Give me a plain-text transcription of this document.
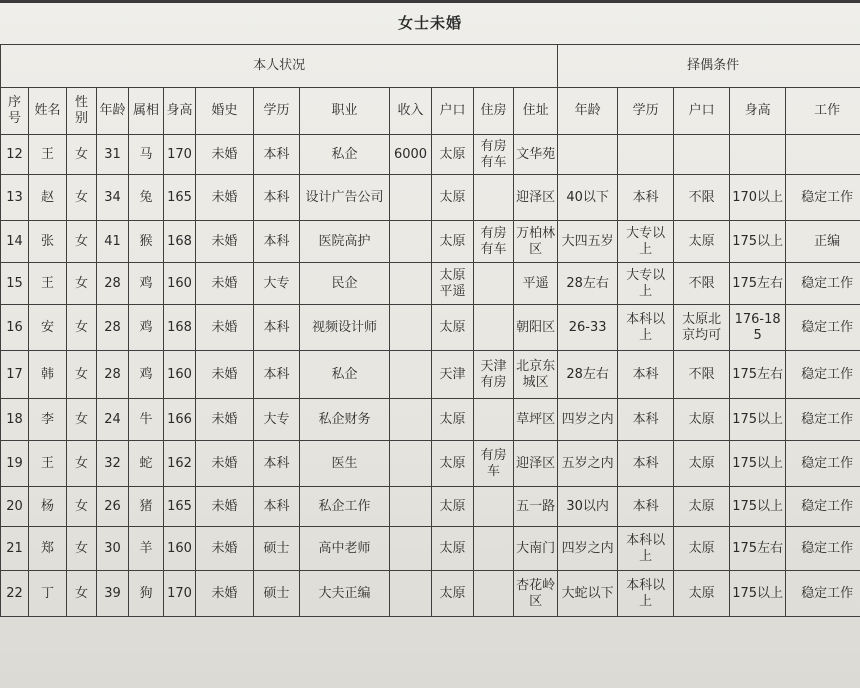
女士未婚
本人状况													择偶条件				
序号	姓名	性别	年龄	属相	身高	婚史	学历	职业	收入	户口	住房	住址	年龄	学历	户口	身高	工作
12	王	女	31	马	170	未婚	本科	私企	6000	太原	有房有车	文华苑					
13	赵	女	34	兔	165	未婚	本科	设计广告公司		太原		迎泽区	40以下	本科	不限	170以上	稳定工作
14	张	女	41	猴	168	未婚	本科	医院高护		太原	有房有车	万柏林区	大四五岁	大专以上	太原	175以上	正编
15	王	女	28	鸡	160	未婚	大专	民企		太原平遥		平遥	28左右	大专以上	不限	175左右	稳定工作
16	安	女	28	鸡	168	未婚	本科	视频设计师		太原		朝阳区	26-33	本科以上	太原北京均可	176-185	稳定工作
17	韩	女	28	鸡	160	未婚	本科	私企		天津	天津有房	北京东城区	28左右	本科	不限	175左右	稳定工作
18	李	女	24	牛	166	未婚	大专	私企财务		太原		草坪区	四岁之内	本科	太原	175以上	稳定工作
19	王	女	32	蛇	162	未婚	本科	医生		太原	有房车	迎泽区	五岁之内	本科	太原	175以上	稳定工作
20	杨	女	26	猪	165	未婚	本科	私企工作		太原		五一路	30以内	本科	太原	175以上	稳定工作
21	郑	女	30	羊	160	未婚	硕士	高中老师		太原		大南门	四岁之内	本科以上	太原	175左右	稳定工作
22	丁	女	39	狗	170	未婚	硕士	大夫正编		太原		杏花岭区	大蛇以下	本科以上	太原	175以上	稳定工作
